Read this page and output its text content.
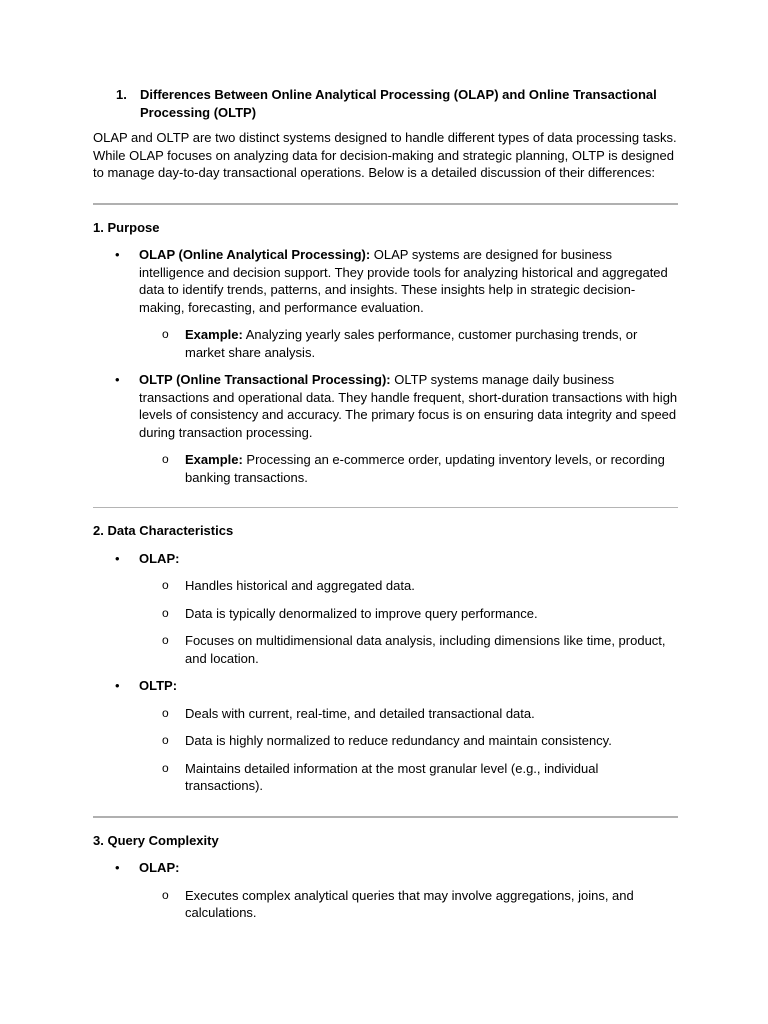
1.	Differences Between Online Analytical Processing (OLAP) and Online Transactional Processing (OLTP)

OLAP and OLTP are two distinct systems designed to handle different types of data processing tasks. While OLAP focuses on analyzing data for decision-making and strategic planning, OLTP is designed to manage day-to-day transactional operations. Below is a detailed discussion of their differences:

1. Purpose
• OLAP (Online Analytical Processing): OLAP systems are designed for business intelligence and decision support. They provide tools for analyzing historical and aggregated data to identify trends, patterns, and insights. These insights help in strategic decision-making, forecasting, and performance evaluation.
o Example: Analyzing yearly sales performance, customer purchasing trends, or market share analysis.
• OLTP (Online Transactional Processing): OLTP systems manage daily business transactions and operational data. They handle frequent, short-duration transactions with high levels of consistency and accuracy. The primary focus is on ensuring data integrity and speed during transaction processing.
o Example: Processing an e-commerce order, updating inventory levels, or recording banking transactions.
2. Data Characteristics
• OLAP:
o Handles historical and aggregated data.
o Data is typically denormalized to improve query performance.
o Focuses on multidimensional data analysis, including dimensions like time, product, and location.
• OLTP:
o Deals with current, real-time, and detailed transactional data.
o Data is highly normalized to reduce redundancy and maintain consistency.
o Maintains detailed information at the most granular level (e.g., individual transactions).
3. Query Complexity
• OLAP:
o Executes complex analytical queries that may involve aggregations, joins, and calculations.
